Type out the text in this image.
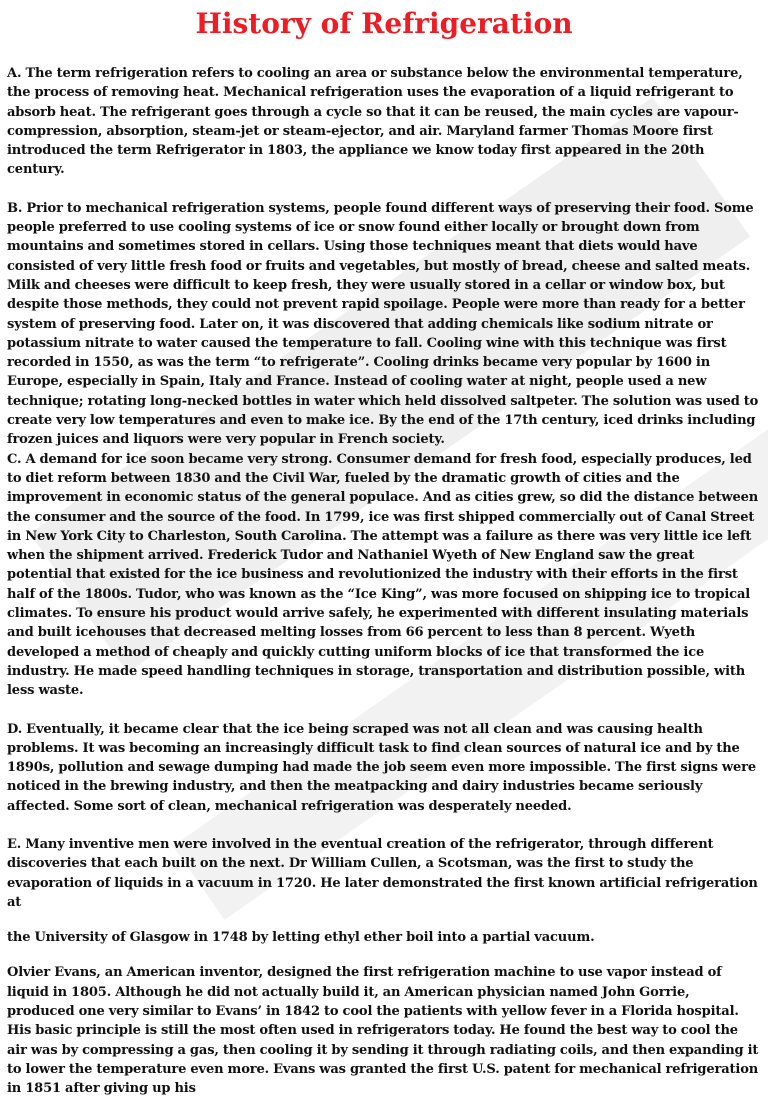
History of Refrigeration

A. The term refrigeration refers to cooling an area or substance below the environmental temperature, the process of removing heat. Mechanical refrigeration uses the evaporation of a liquid refrigerant to absorb heat. The refrigerant goes through a cycle so that it can be reused, the main cycles are vapour-compression, absorption, steam-jet or steam-ejector, and air. Maryland farmer Thomas Moore first introduced the term Refrigerator in 1803, the appliance we know today first appeared in the 20th century.

B. Prior to mechanical refrigeration systems, people found different ways of preserving their food. Some people preferred to use cooling systems of ice or snow found either locally or brought down from mountains and sometimes stored in cellars. Using those techniques meant that diets would have consisted of very little fresh food or fruits and vegetables, but mostly of bread, cheese and salted meats. Milk and cheeses were difficult to keep fresh, they were usually stored in a cellar or window box, but despite those methods, they could not prevent rapid spoilage. People were more than ready for a better system of preserving food. Later on, it was discovered that adding chemicals like sodium nitrate or potassium nitrate to water caused the temperature to fall. Cooling wine with this technique was first recorded in 1550, as was the term “to refrigerate”. Cooling drinks became very popular by 1600 in Europe, especially in Spain, Italy and France. Instead of cooling water at night, people used a new technique; rotating long-necked bottles in water which held dissolved saltpeter. The solution was used to create very low temperatures and even to make ice. By the end of the 17th century, iced drinks including frozen juices and liquors were very popular in French society.

C. A demand for ice soon became very strong. Consumer demand for fresh food, especially produces, led to diet reform between 1830 and the Civil War, fueled by the dramatic growth of cities and the improvement in economic status of the general populace. And as cities grew, so did the distance between the consumer and the source of the food. In 1799, ice was first shipped commercially out of Canal Street in New York City to Charleston, South Carolina. The attempt was a failure as there was very little ice left when the shipment arrived. Frederick Tudor and Nathaniel Wyeth of New England saw the great potential that existed for the ice business and revolutionized the industry with their efforts in the first half of the 1800s. Tudor, who was known as the “Ice King”, was more focused on shipping ice to tropical climates. To ensure his product would arrive safely, he experimented with different insulating materials and built icehouses that decreased melting losses from 66 percent to less than 8 percent. Wyeth developed a method of cheaply and quickly cutting uniform blocks of ice that transformed the ice industry. He made speed handling techniques in storage, transportation and distribution possible, with less waste.

D. Eventually, it became clear that the ice being scraped was not all clean and was causing health problems. It was becoming an increasingly difficult task to find clean sources of natural ice and by the 1890s, pollution and sewage dumping had made the job seem even more impossible. The first signs were noticed in the brewing industry, and then the meatpacking and dairy industries became seriously affected. Some sort of clean, mechanical refrigeration was desperately needed.

E. Many inventive men were involved in the eventual creation of the refrigerator, through different discoveries that each built on the next. Dr William Cullen, a Scotsman, was the first to study the evaporation of liquids in a vacuum in 1720. He later demonstrated the first known artificial refrigeration at

the University of Glasgow in 1748 by letting ethyl ether boil into a partial vacuum.

Olvier Evans, an American inventor, designed the first refrigeration machine to use vapor instead of liquid in 1805. Although he did not actually build it, an American physician named John Gorrie, produced one very similar to Evans’ in 1842 to cool the patients with yellow fever in a Florida hospital. His basic principle is still the most often used in refrigerators today. He found the best way to cool the air was by compressing a gas, then cooling it by sending it through radiating coils, and then expanding it to lower the temperature even more. Evans was granted the first U.S. patent for mechanical refrigeration in 1851 after giving up his
